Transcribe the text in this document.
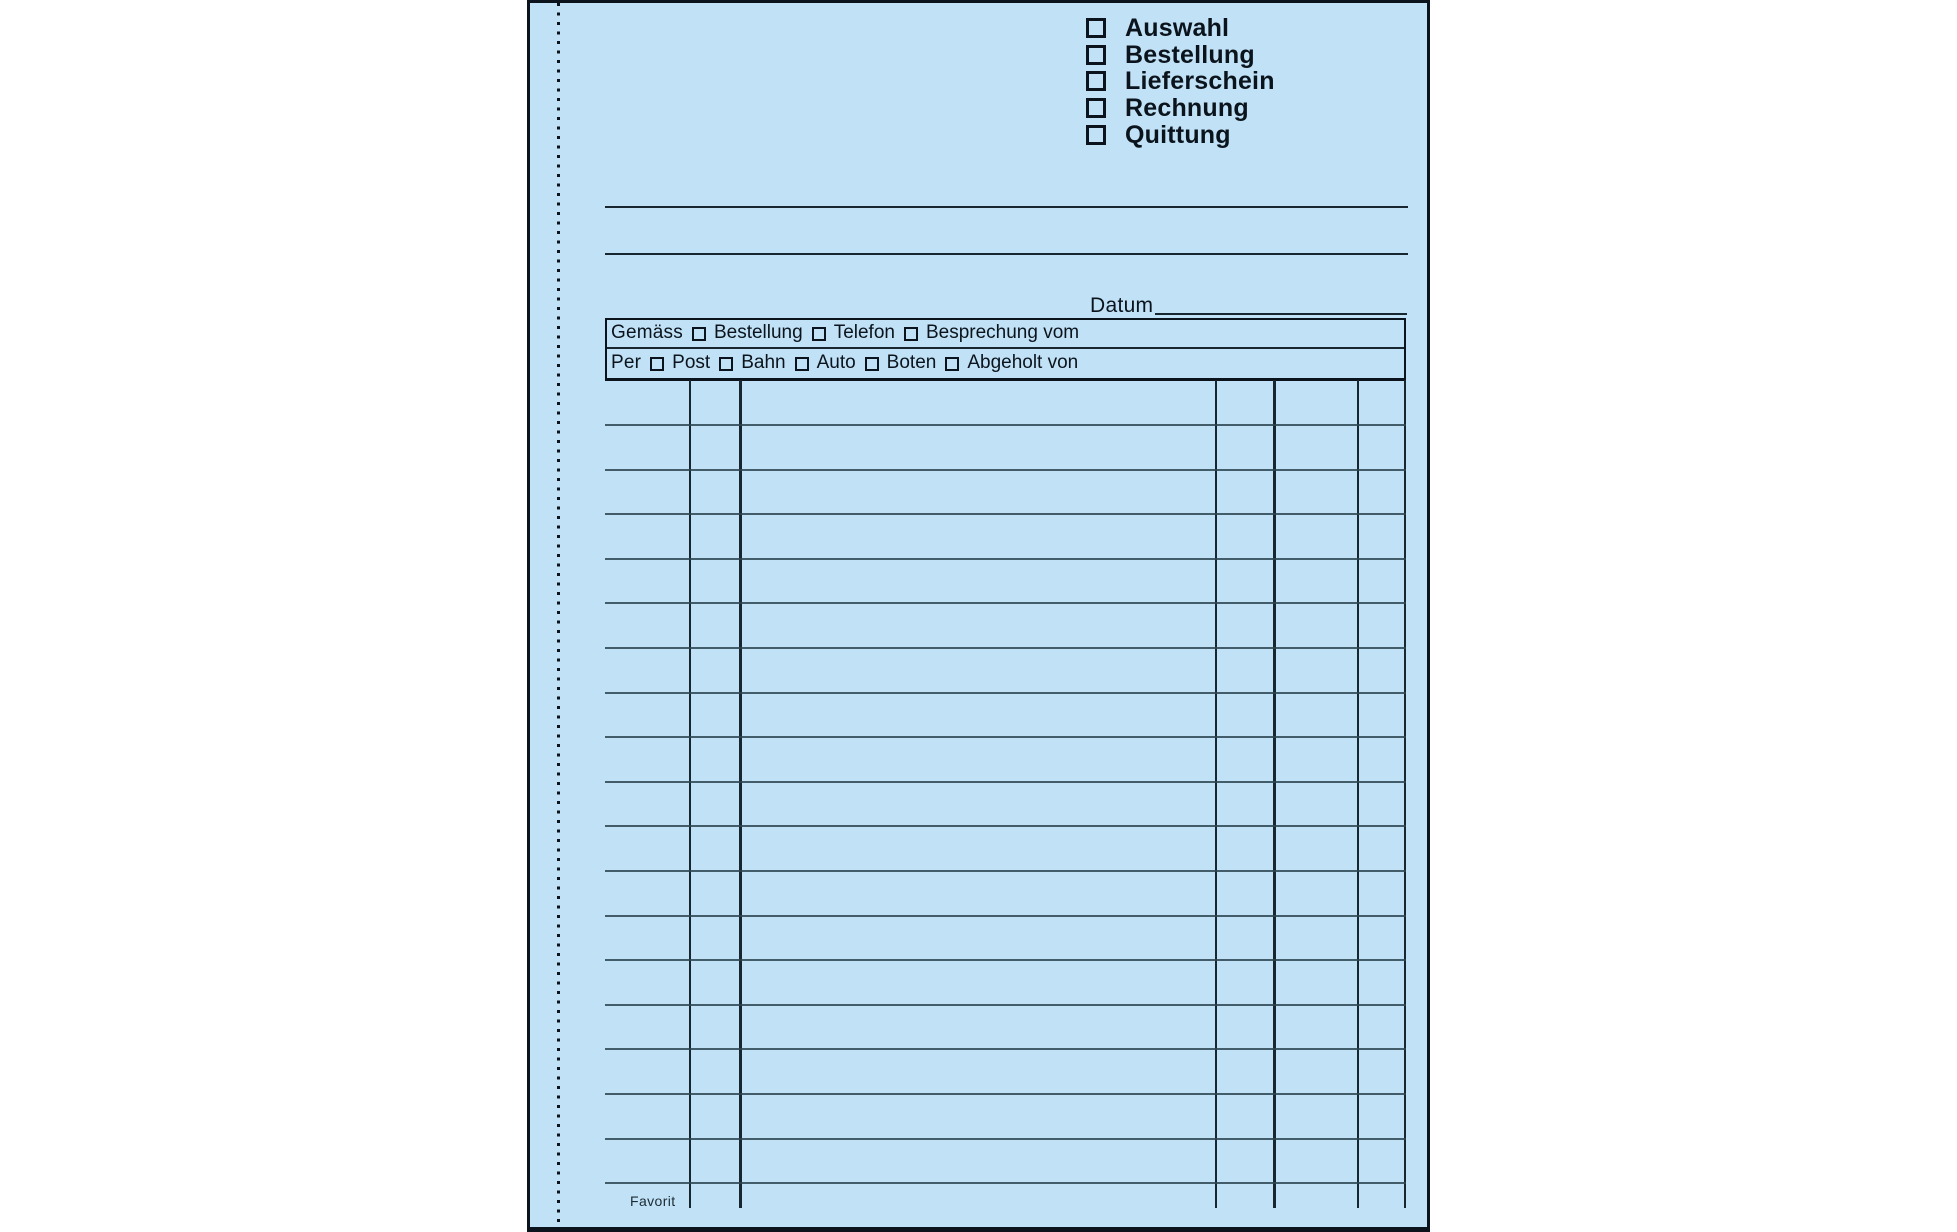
Auswahl
Bestellung
Lieferschein
Rechnung
Quittung
Datum
Gemäss Bestellung Telefon Besprechung vom
Per Post Bahn Auto Boten Abgeholt von
Favorit
